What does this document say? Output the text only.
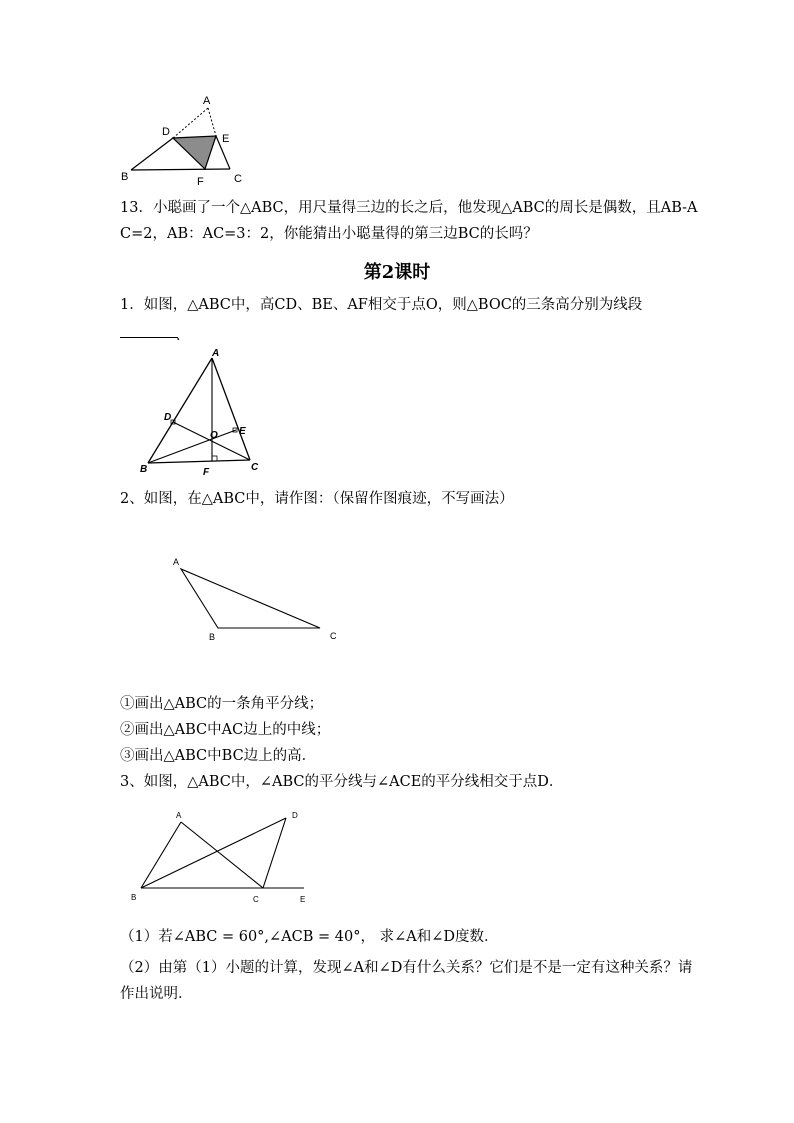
A
D
E
B	F	C
13．小聪画了一个△ABC，用尺量得三边的长之后，他发现△ABC的周长是偶数，且AB-A
C=2，AB：AC=3：2，你能猜出小聪量得的第三边BC的长吗？
第2课时
1．如图，△ABC中，高CD、BE、AF相交于点O，则△BOC的三条高分别为线段
．
A
D
E
O
B	F	C
2、如图，在△ABC中，请作图：（保留作图痕迹，不写画法）
A
B	C
①画出△ABC的一条角平分线；
②画出△ABC中AC边上的中线；
③画出△ABC中BC边上的高．
3、如图，△ABC中，∠ABC的平分线与∠ACE的平分线相交于点D．
A	D
B	C	E
（1）若∠ABC = 60°,∠ACB = 40°， 求∠A和∠D度数．
（2）由第（1）小题的计算，发现∠A和∠D有什么关系？它们是不是一定有这种关系？请
作出说明．
